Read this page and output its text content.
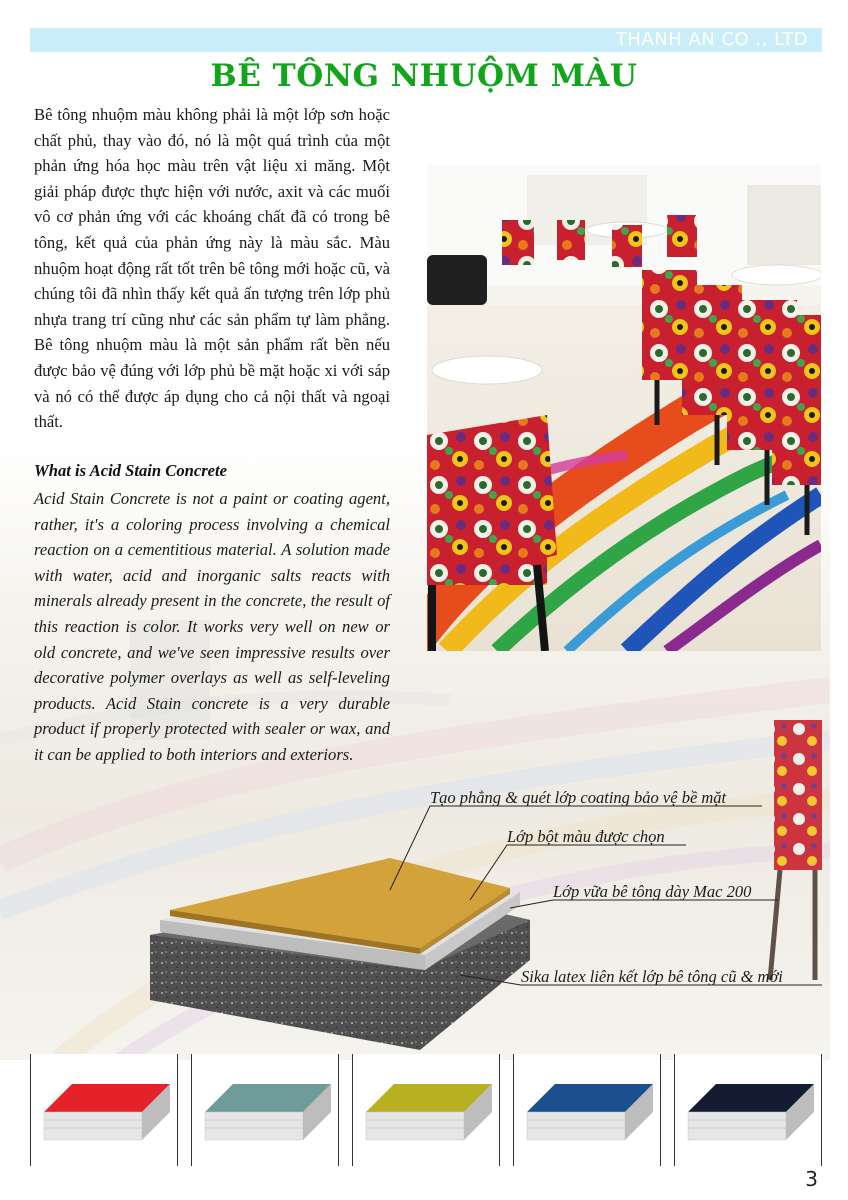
THANH AN CO ., LTD
BÊ TÔNG NHUỘM MÀU
Bê tông nhuộm màu không phải là một lớp sơn hoặc chất phủ, thay vào đó, nó là một quá trình của một phản ứng hóa học màu trên vật liệu xi măng. Một giải pháp được thực hiện với nước, axit và các muối vô cơ phản ứng với các khoáng chất đã có trong bê tông, kết quả của phản ứng này là màu sắc. Màu nhuộm hoạt động rất tốt trên bê tông mới hoặc cũ, và chúng tôi đã nhìn thấy kết quả ấn tượng trên lớp phủ nhựa trang trí cũng như các sản phẩm tự làm phẳng. Bê tông nhuộm màu là một sản phẩm rất bền nếu được bảo vệ đúng với lớp phủ bề mặt hoặc xi với sáp và nó có thể được áp dụng cho cả nội thất và ngoại thất.
What is Acid Stain Concrete
Acid Stain Concrete is not a paint or coating agent, rather, it's a coloring process involving a chemical reaction on a cementitious material. A solution made with water, acid and inorganic salts reacts with minerals already present in the concrete, the result of this reaction is color. It works very well on new or old concrete, and we've seen impressive results over decorative polymer overlays as well as self-leveling products. Acid Stain concrete is a very durable product if properly protected with sealer or wax, and it can be applied to both interiors and exteriors.
Tạo phẳng & quét lớp coating bảo vệ bề mặt
Lớp bột màu được chọn
Lớp vữa bê tông dày Mac 200
Sika latex liên kết lớp bê tông cũ & mới
3
